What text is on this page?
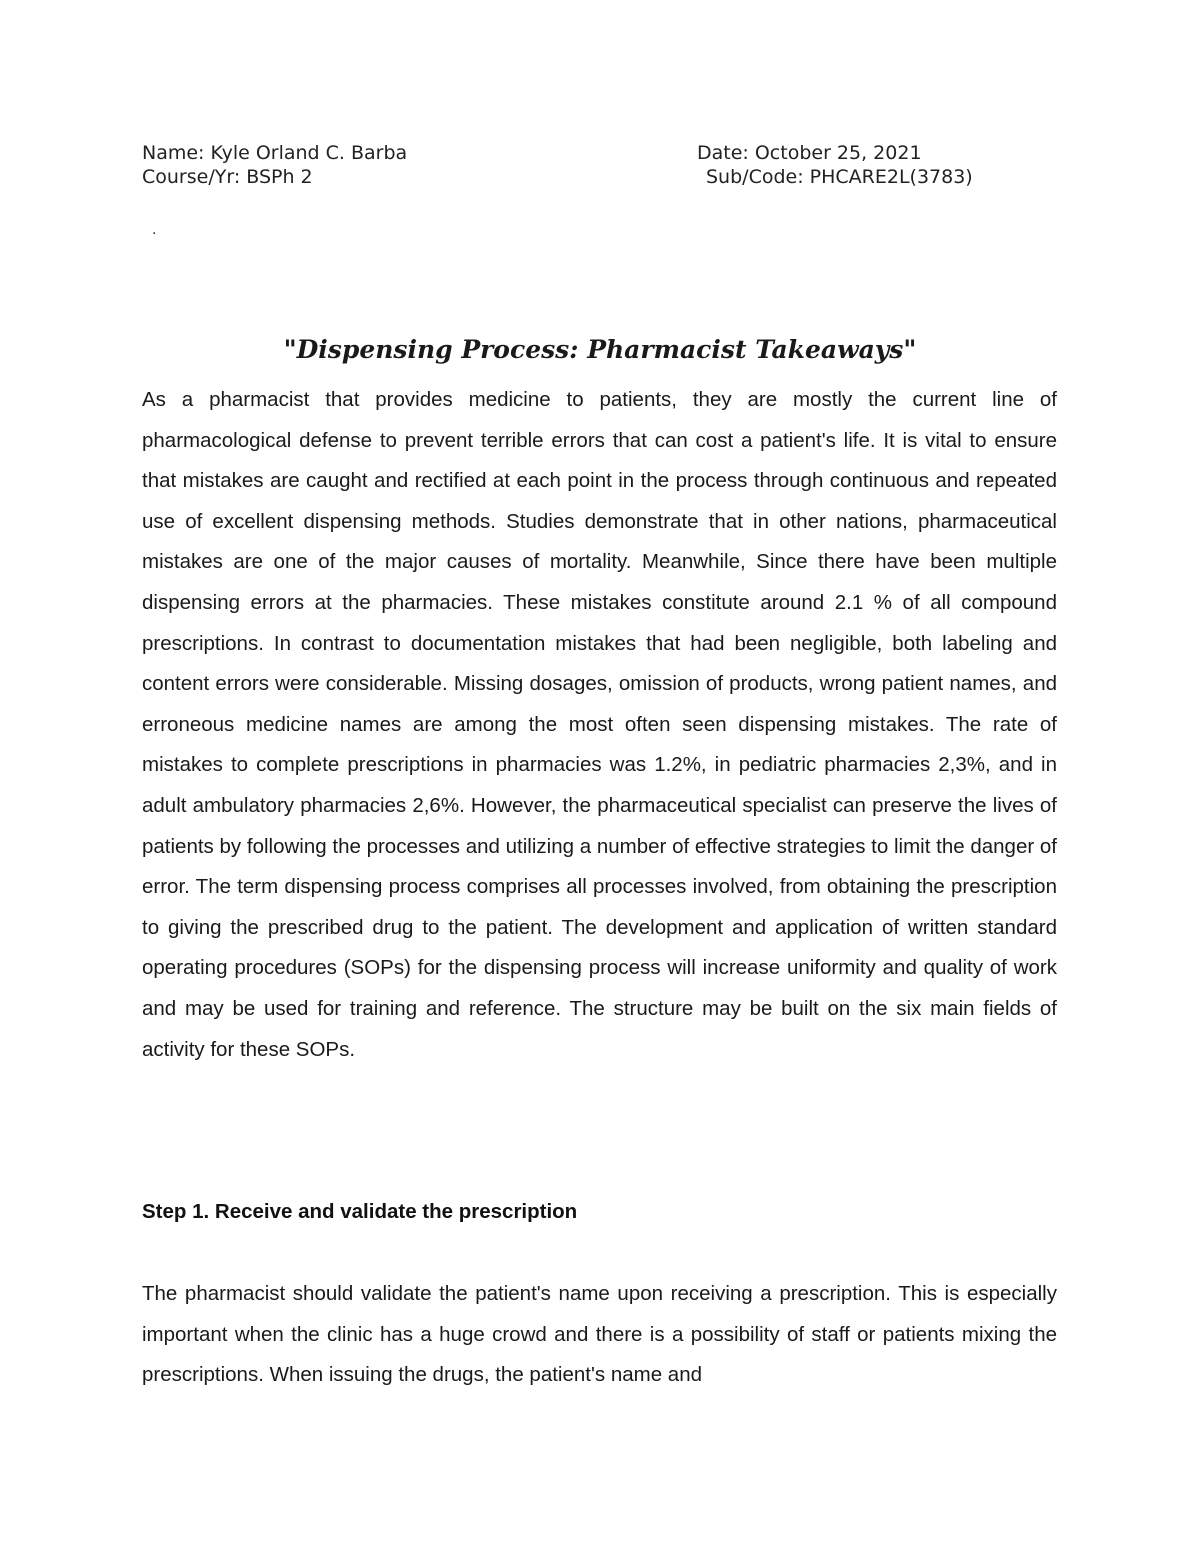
Name: Kyle Orland C. Barba
Course/Yr: BSPh 2
Date: October 25, 2021
Sub/Code: PHCARE2L(3783)
.
"Dispensing Process: Pharmacist Takeaways"
As a pharmacist that provides medicine to patients, they are mostly the current line of pharmacological defense to prevent terrible errors that can cost a patient's life. It is vital to ensure that mistakes are caught and rectified at each point in the process through continuous and repeated use of excellent dispensing methods. Studies demonstrate that in other nations, pharmaceutical mistakes are one of the major causes of mortality. Meanwhile, Since there have been multiple dispensing errors at the pharmacies. These mistakes constitute around 2.1 % of all compound prescriptions. In contrast to documentation mistakes that had been negligible, both labeling and content errors were considerable. Missing dosages, omission of products, wrong patient names, and erroneous medicine names are among the most often seen dispensing mistakes. The rate of mistakes to complete prescriptions in pharmacies was 1.2%, in pediatric pharmacies 2,3%, and in adult ambulatory pharmacies 2,6%. However, the pharmaceutical specialist can preserve the lives of patients by following the processes and utilizing a number of effective strategies to limit the danger of error. The term dispensing process comprises all processes involved, from obtaining the prescription to giving the prescribed drug to the patient. The development and application of written standard operating procedures (SOPs) for the dispensing process will increase uniformity and quality of work and may be used for training and reference. The structure may be built on the six main fields of activity for these SOPs.
Step 1. Receive and validate the prescription
The pharmacist should validate the patient's name upon receiving a prescription. This is especially important when the clinic has a huge crowd and there is a possibility of staff or patients mixing the prescriptions. When issuing the drugs, the patient's name and
